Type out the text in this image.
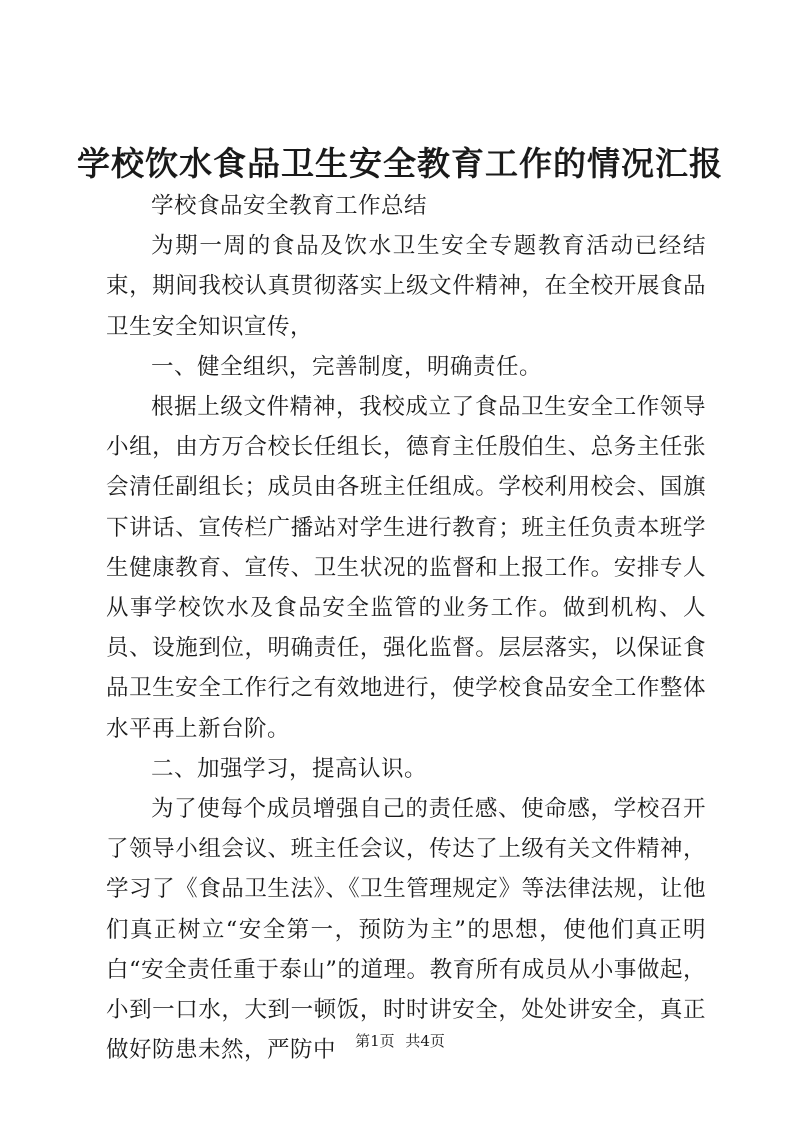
学校饮水食品卫生安全教育工作的情况汇报

学校食品安全教育工作总结

为期一周的食品及饮水卫生安全专题教育活动已经结束，期间我校认真贯彻落实上级文件精神，在全校开展食品卫生安全知识宣传，

一、健全组织，完善制度，明确责任。

根据上级文件精神，我校成立了食品卫生安全工作领导小组，由方万合校长任组长，德育主任殷伯生、总务主任张会清任副组长；成员由各班主任组成。学校利用校会、国旗下讲话、宣传栏广播站对学生进行教育；班主任负责本班学生健康教育、宣传、卫生状况的监督和上报工作。安排专人从事学校饮水及食品安全监管的业务工作。做到机构、人员、设施到位，明确责任，强化监督。层层落实，以保证食品卫生安全工作行之有效地进行，使学校食品安全工作整体水平再上新台阶。

二、加强学习，提高认识。

为了使每个成员增强自己的责任感、使命感，学校召开了领导小组会议、班主任会议，传达了上级有关文件精神，学习了《食品卫生法》、《卫生管理规定》等法律法规，让他们真正树立“安全第一，预防为主”的思想，使他们真正明白“安全责任重于泰山”的道理。教育所有成员从小事做起，小到一口水，大到一顿饭，时时讲安全，处处讲安全，真正做好防患未然，严防中	第1页 共4页
